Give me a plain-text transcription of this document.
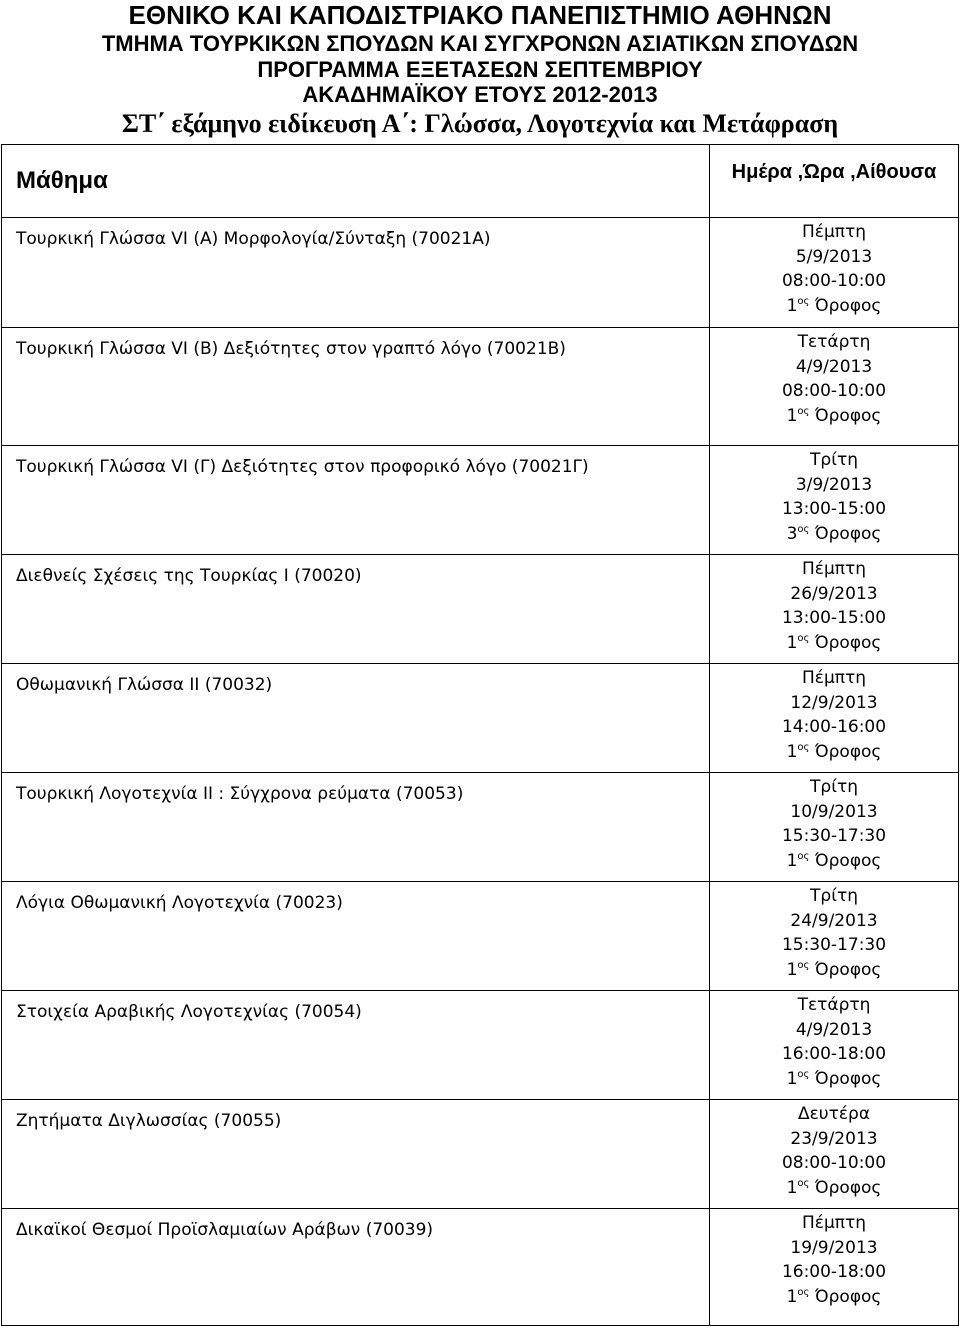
ΕΘΝΙΚΟ ΚΑΙ ΚΑΠΟΔΙΣΤΡΙΑΚΟ ΠΑΝΕΠΙΣΤΗΜΙΟ ΑΘΗΝΩΝ
ΤΜΗΜΑ ΤΟΥΡΚΙΚΩΝ ΣΠΟΥΔΩΝ ΚΑΙ ΣΥΓΧΡΟΝΩΝ ΑΣΙΑΤΙΚΩΝ ΣΠΟΥΔΩΝ
ΠΡΟΓΡΑΜΜΑ ΕΞΕΤΑΣΕΩΝ ΣΕΠΤΕΜΒΡΙΟΥ
ΑΚΑΔΗΜΑΪΚΟΥ ΕΤΟΥΣ 2012-2013
ΣΤ΄ εξάμηνο ειδίκευση Α΄: Γλώσσα, Λογοτεχνία και Μετάφραση
Μάθημα	Ημέρα ,Ώρα ,Αίθουσα
Τουρκική Γλώσσα VI (A) Μορφολογία/Σύνταξη (70021A)	Πέμπτη
5/9/2013
08:00-10:00
$1^{o\varsigma}$ Όροφος

Τουρκική Γλώσσα VI (B) Δεξιότητες στον γραπτό λόγο (70021B)	Τετάρτη
4/9/2013
08:00-10:00
$1^{o\varsigma}$ Όροφος

Τουρκική Γλώσσα VI (Γ) Δεξιότητες στον προφορικό λόγο (70021Γ)	Τρίτη
3/9/2013
13:00-15:00
$3^{o\varsigma}$ Όροφος

Διεθνείς Σχέσεις της Τουρκίας Ι (70020)	Πέμπτη
26/9/2013
13:00-15:00
$1^{o\varsigma}$ Όροφος

Οθωμανική Γλώσσα ΙΙ (70032)	Πέμπτη
12/9/2013
14:00-16:00
$1^{o\varsigma}$ Όροφος

Τουρκική Λογοτεχνία ΙΙ : Σύγχρονα ρεύματα (70053)	Τρίτη
10/9/2013
15:30-17:30
$1^{o\varsigma}$ Όροφος

Λόγια Οθωμανική Λογοτεχνία (70023)	Τρίτη
24/9/2013
15:30-17:30
$1^{o\varsigma}$ Όροφος

Στοιχεία Αραβικής Λογοτεχνίας (70054)	Τετάρτη
4/9/2013
16:00-18:00
$1^{o\varsigma}$ Όροφος

Ζητήματα Διγλωσσίας (70055)	Δευτέρα
23/9/2013
08:00-10:00
$1^{o\varsigma}$ Όροφος

Δικαϊκοί Θεσμοί Προϊσλαμιαίων Αράβων (70039)	Πέμπτη
19/9/2013
16:00-18:00
$1^{o\varsigma}$ Όροφος
